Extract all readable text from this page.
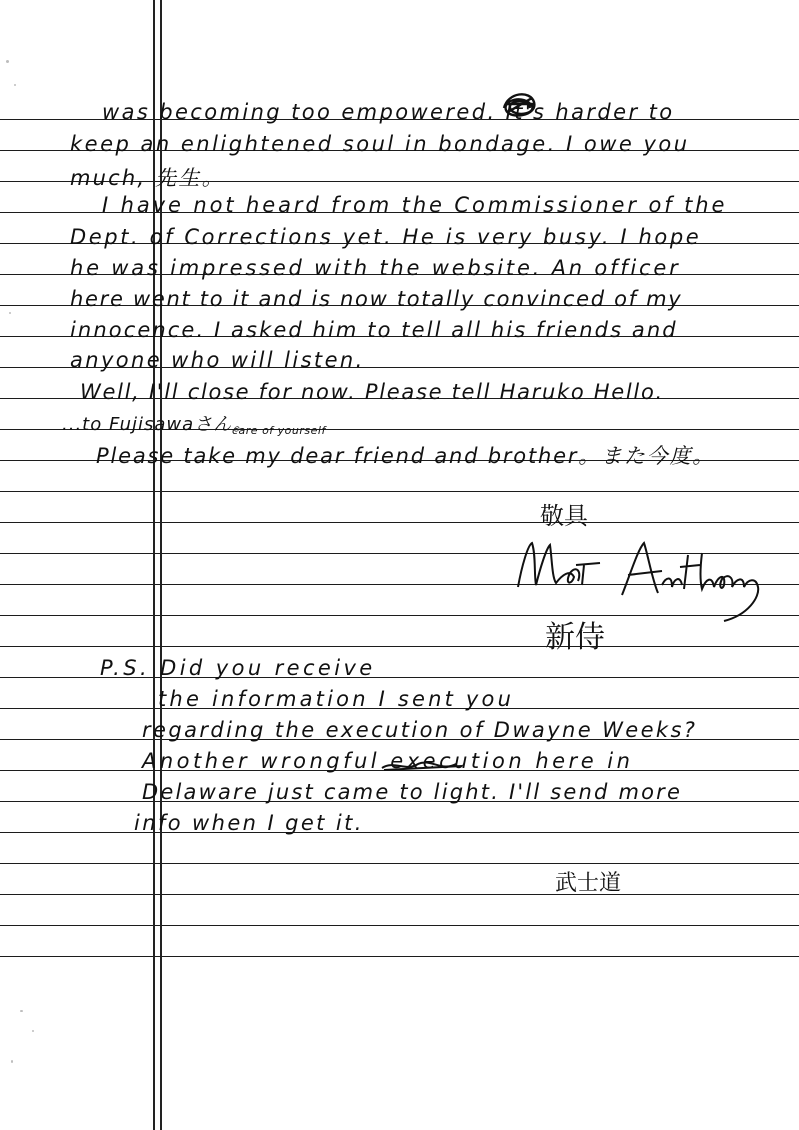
was becoming too empowered. It's harder to
keep an enlightened soul in bondage. I owe you
much, 先生。
I have not heard from the Commissioner of the
Dept. of Corrections yet. He is very busy. I hope
he was impressed with the website. An officer
here went to it and is now totally convinced of my
innocence. I asked him to tell all his friends and
anyone who will listen.
Well, I'll close for now. Please tell Haruko Hello.
...to Fujisawaさん。
care of yourself
Please take my dear friend and brother。また今度。
敬具
Mark Anthony
新侍
P.S. Did you receive
the information I sent you
regarding the execution of Dwayne Weeks?
Another wrongful execution here in
Delaware just came to light. I'll send more
info when I get it.
武士道
